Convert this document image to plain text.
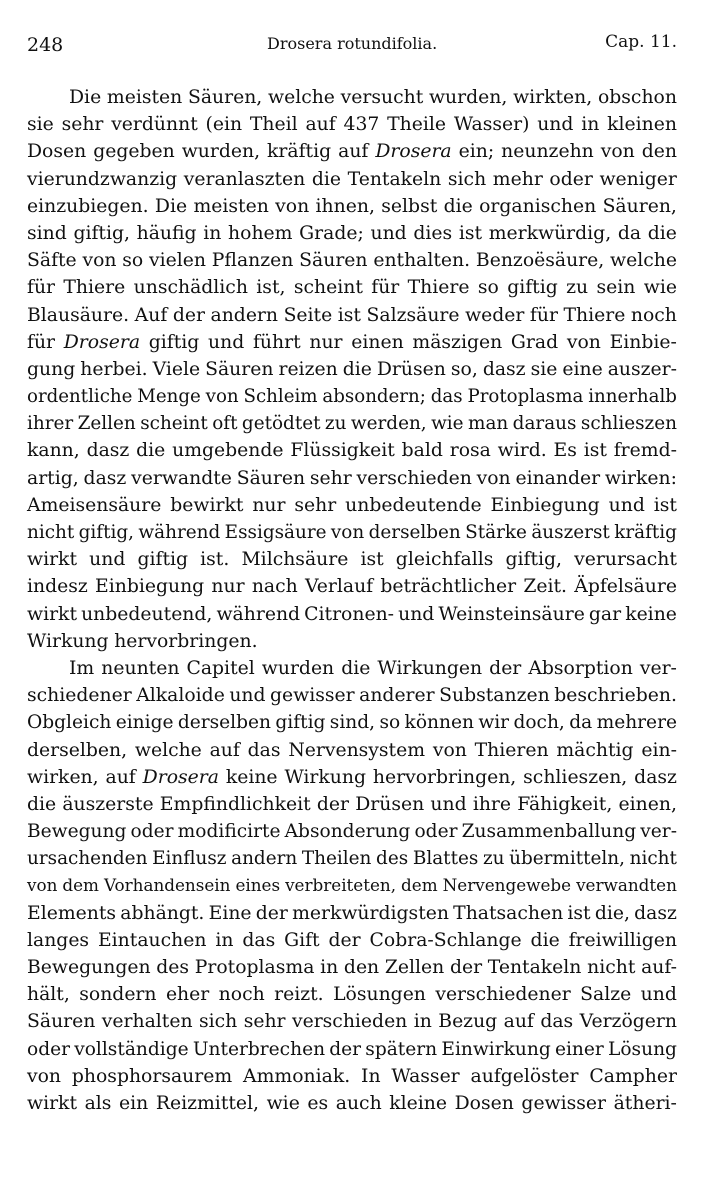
248	Drosera rotundifolia.	Cap. 11.
Die meisten Säuren, welche versucht wurden, wirkten, obschon
sie sehr verdünnt (ein Theil auf 437 Theile Wasser) und in kleinen
Dosen gegeben wurden, kräftig auf Drosera ein; neunzehn von den
vierundzwanzig veranlaszten die Tentakeln sich mehr oder weniger
einzubiegen. Die meisten von ihnen, selbst die organischen Säuren,
sind giftig, häufig in hohem Grade; und dies ist merkwürdig, da die
Säfte von so vielen Pflanzen Säuren enthalten. Benzoësäure, welche
für Thiere unschädlich ist, scheint für Thiere so giftig zu sein wie
Blausäure. Auf der andern Seite ist Salzsäure weder für Thiere noch
für Drosera giftig und führt nur einen mäszigen Grad von Einbie-
gung herbei. Viele Säuren reizen die Drüsen so, dasz sie eine auszer-
ordentliche Menge von Schleim absondern; das Protoplasma innerhalb
ihrer Zellen scheint oft getödtet zu werden, wie man daraus schlieszen
kann, dasz die umgebende Flüssigkeit bald rosa wird. Es ist fremd-
artig, dasz verwandte Säuren sehr verschieden von einander wirken:
Ameisensäure bewirkt nur sehr unbedeutende Einbiegung und ist
nicht giftig, während Essigsäure von derselben Stärke äuszerst kräftig
wirkt und giftig ist. Milchsäure ist gleichfalls giftig, verursacht
indesz Einbiegung nur nach Verlauf beträchtlicher Zeit. Äpfelsäure
wirkt unbedeutend, während Citronen- und Weinsteinsäure gar keine
Wirkung hervorbringen.
Im neunten Capitel wurden die Wirkungen der Absorption ver-
schiedener Alkaloide und gewisser anderer Substanzen beschrieben.
Obgleich einige derselben giftig sind, so können wir doch, da mehrere
derselben, welche auf das Nervensystem von Thieren mächtig ein-
wirken, auf Drosera keine Wirkung hervorbringen, schlieszen, dasz
die äuszerste Empfindlichkeit der Drüsen und ihre Fähigkeit, einen,
Bewegung oder modificirte Absonderung oder Zusammenballung ver-
ursachenden Einflusz andern Theilen des Blattes zu übermitteln, nicht
von dem Vorhandensein eines verbreiteten, dem Nervengewebe verwandten
Elements abhängt. Eine der merkwürdigsten Thatsachen ist die, dasz
langes Eintauchen in das Gift der Cobra-Schlange die freiwilligen
Bewegungen des Protoplasma in den Zellen der Tentakeln nicht auf-
hält, sondern eher noch reizt. Lösungen verschiedener Salze und
Säuren verhalten sich sehr verschieden in Bezug auf das Verzögern
oder vollständige Unterbrechen der spätern Einwirkung einer Lösung
von phosphorsaurem Ammoniak. In Wasser aufgelöster Campher
wirkt als ein Reizmittel, wie es auch kleine Dosen gewisser ätheri-
